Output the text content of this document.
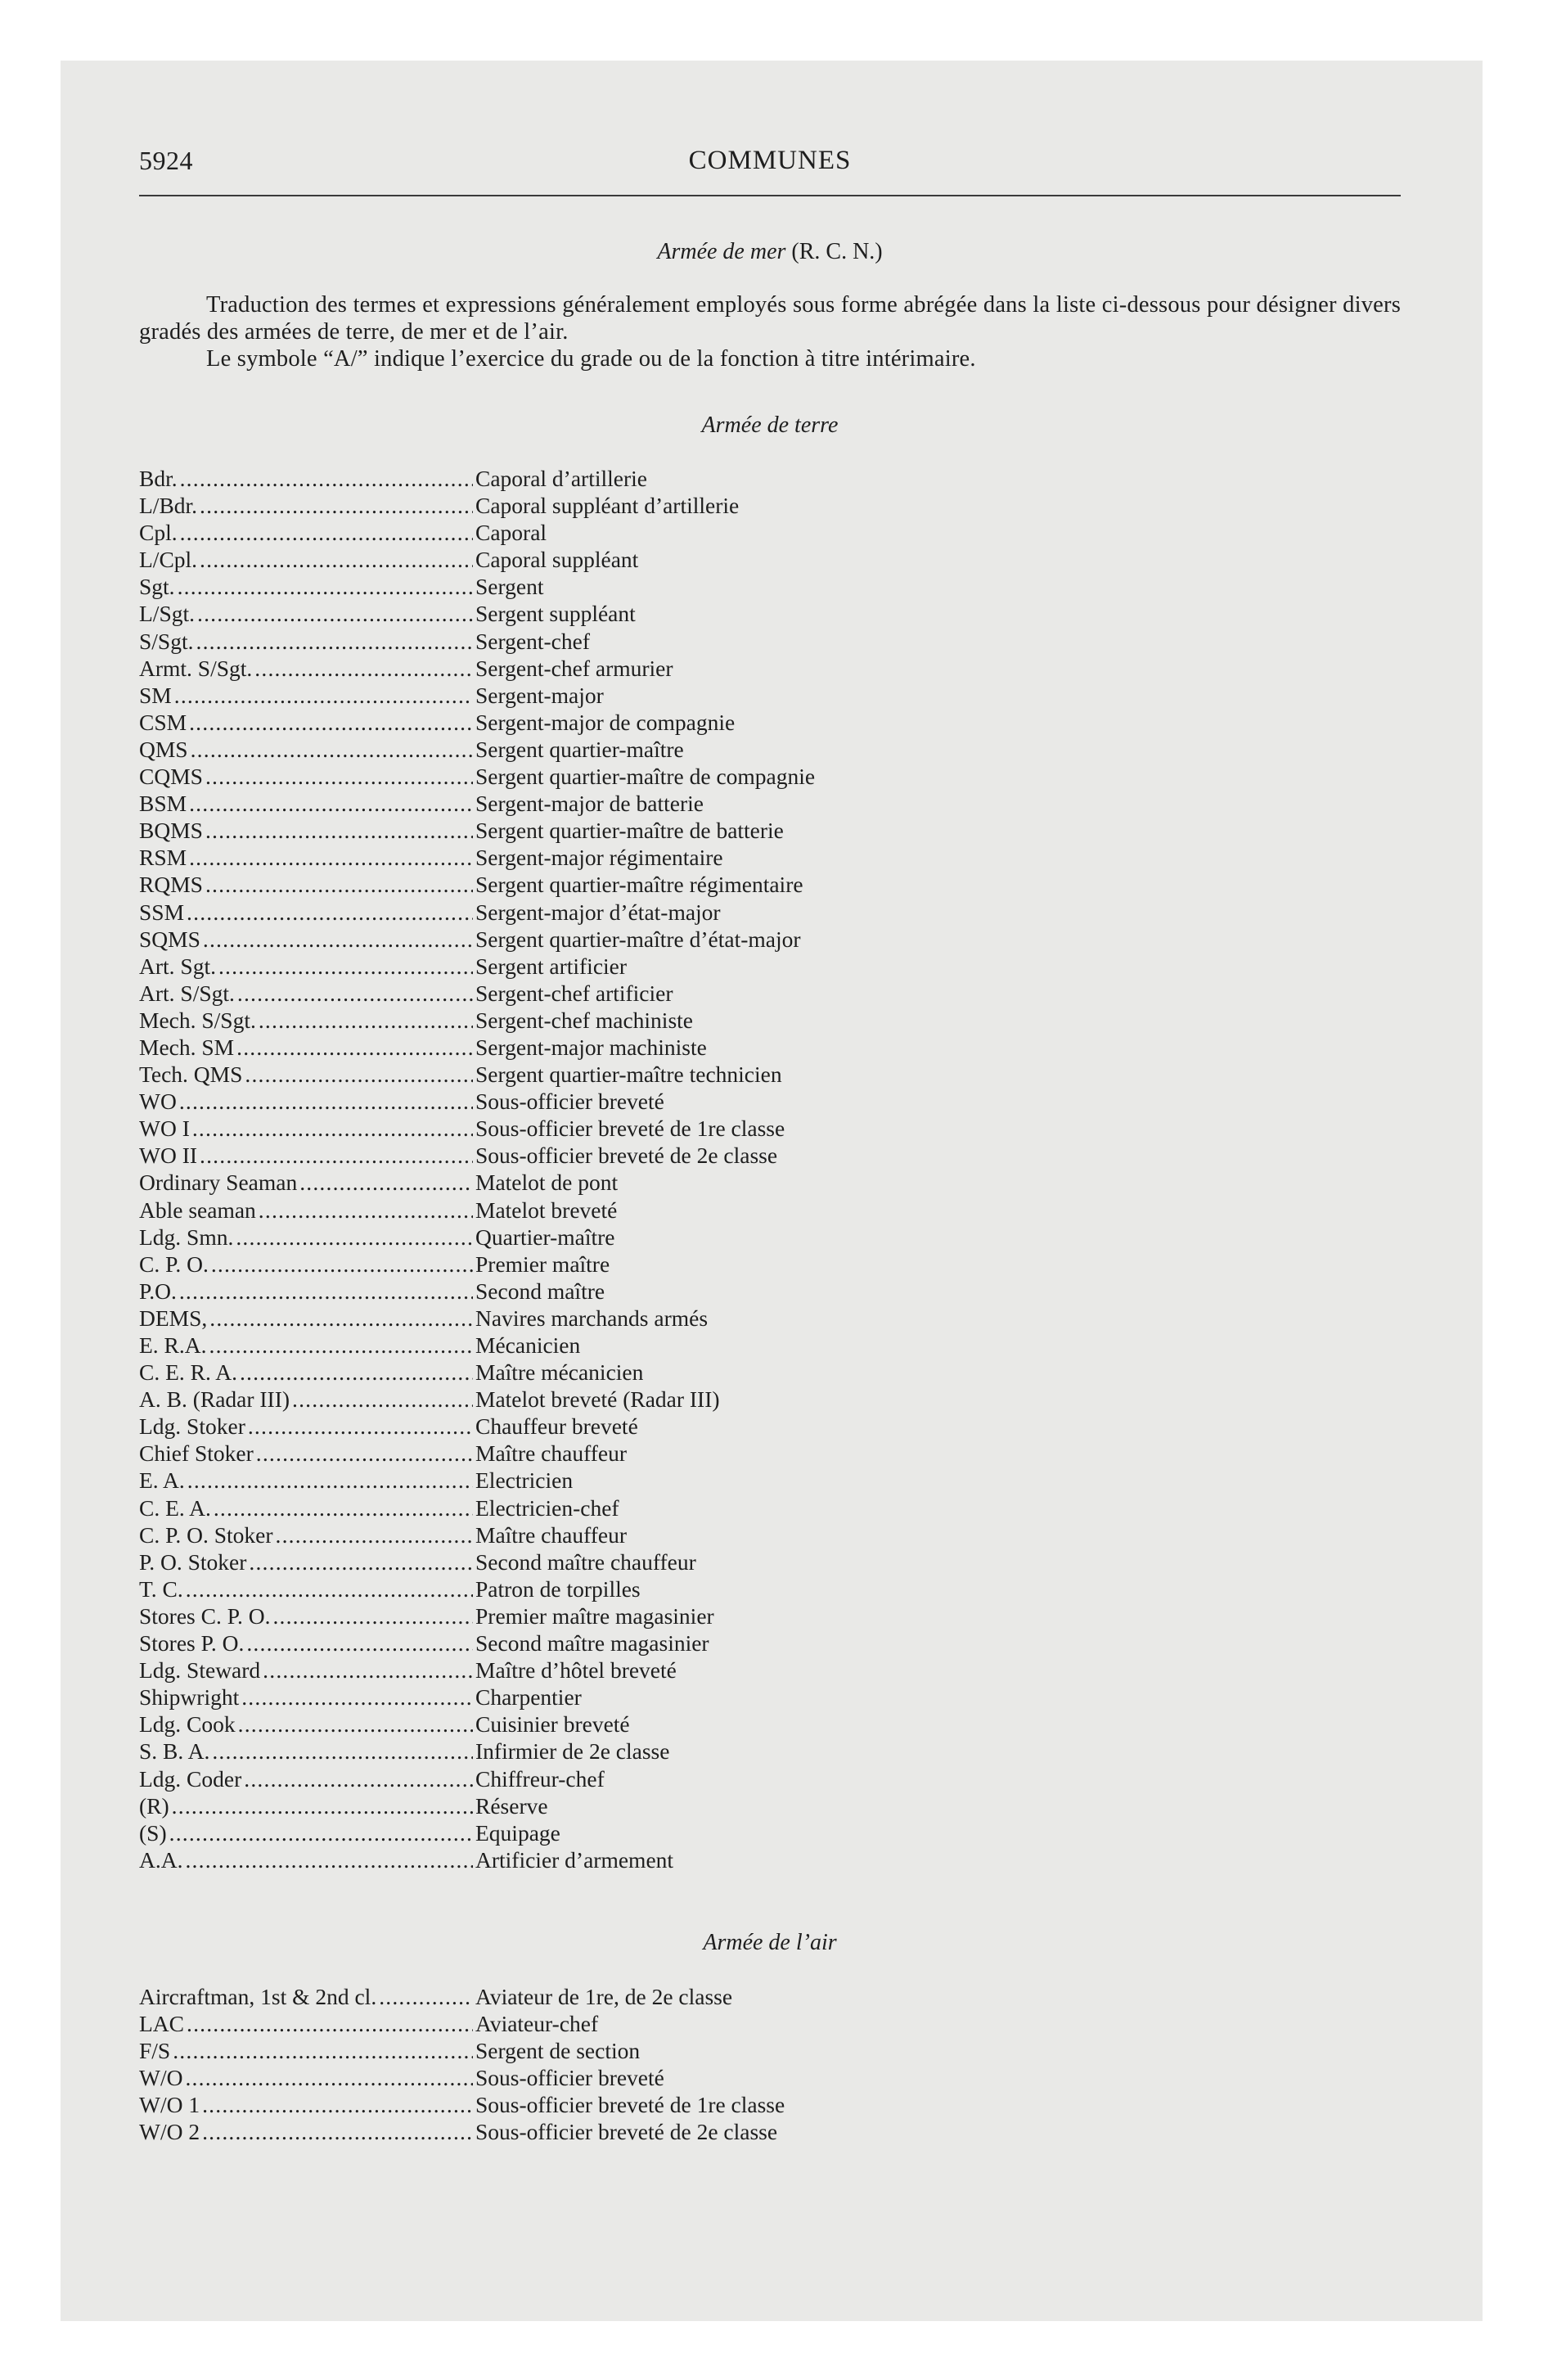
5924	COMMUNES
Armée de mer (R. C. N.)

Traduction des termes et expressions généralement employés sous forme abrégée dans la liste ci-dessous pour désigner divers gradés des armées de terre, de mer et de l’air.

Le symbole “A/” indique l’exercice du grade ou de la fonction à titre intérimaire.

Armée de terre
Bdr. .....	Caporal d’artillerie
L/Bdr. .....	Caporal suppléant d’artillerie
Cpl. .....	Caporal
L/Cpl. .....	Caporal suppléant
Sgt. .....	Sergent
L/Sgt. .....	Sergent suppléant
S/Sgt. .....	Sergent-chef
Armt. S/Sgt. .....	Sergent-chef armurier
SM .....	Sergent-major
CSM .....	Sergent-major de compagnie
QMS .....	Sergent quartier-maître
CQMS .....	Sergent quartier-maître de compagnie
BSM .....	Sergent-major de batterie
BQMS .....	Sergent quartier-maître de batterie
RSM .....	Sergent-major régimentaire
RQMS .....	Sergent quartier-maître régimentaire
SSM .....	Sergent-major d’état-major
SQMS .....	Sergent quartier-maître d’état-major
Art. Sgt. .....	Sergent artificier
Art. S/Sgt. .....	Sergent-chef artificier
Mech. S/Sgt. .....	Sergent-chef machiniste
Mech. SM .....	Sergent-major machiniste
Tech. QMS .....	Sergent quartier-maître technicien
WO .....	Sous-officier breveté
WO I .....	Sous-officier breveté de 1re classe
WO II .....	Sous-officier breveté de 2e classe
Ordinary Seaman .....	Matelot de pont
Able seaman .....	Matelot breveté
Ldg. Smn. .....	Quartier-maître
C. P. O. .....	Premier maître
P.O. .....	Second maître
DEMS, .....	Navires marchands armés
E. R.A. .....	Mécanicien
C. E. R. A. .....	Maître mécanicien
A. B. (Radar III) .....	Matelot breveté (Radar III)
Ldg. Stoker .....	Chauffeur breveté
Chief Stoker .....	Maître chauffeur
E. A. .....	Electricien
C. E. A. .....	Electricien-chef
C. P. O. Stoker .....	Maître chauffeur
P. O. Stoker .....	Second maître chauffeur
T. C. .....	Patron de torpilles
Stores C. P. O. .....	Premier maître magasinier
Stores P. O. .....	Second maître magasinier
Ldg. Steward .....	Maître d’hôtel breveté
Shipwright .....	Charpentier
Ldg. Cook .....	Cuisinier breveté
S. B. A. .....	Infirmier de 2e classe
Ldg. Coder .....	Chiffreur-chef
(R) .....	Réserve
(S) .....	Equipage
A.A. .....	Artificier d’armement
Armée de l’air
Aircraftman, 1st & 2nd cl. .....	Aviateur de 1re, de 2e classe
LAC .....	Aviateur-chef
F/S .....	Sergent de section
W/O .....	Sous-officier breveté
W/O 1 .....	Sous-officier breveté de 1re classe
W/O 2 .....	Sous-officier breveté de 2e classe
